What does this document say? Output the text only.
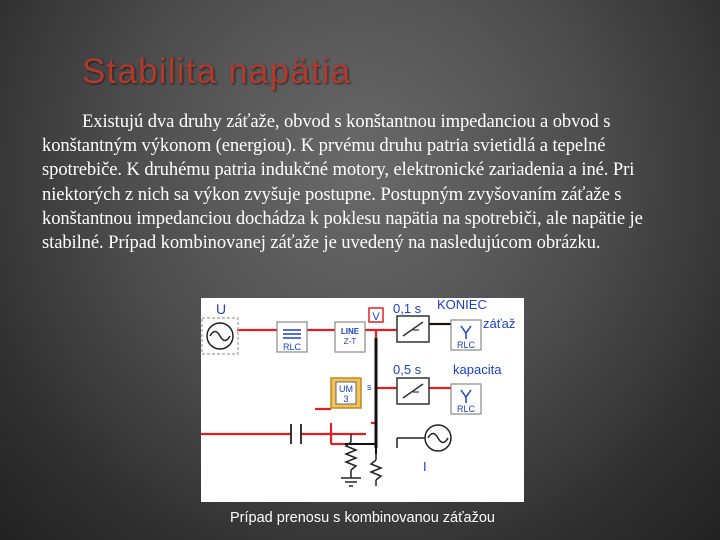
Stabilita napätia

Existujú dva druhy záťaže, obvod s konštantnou impedanciou a obvod s konštantným výkonom (energiou). K prvému druhu patria svietidlá a tepelné spotrebiče. K druhému patria indukčné motory, elektronické zariadenia a iné. Pri niektorých z nich sa výkon zvyšuje postupne. Postupným zvyšovaním záťaže s konštantnou impedanciou dochádza k poklesu napätia na spotrebiči, ale napätie je stabilné. Prípad kombinovanej záťaže je uvedený na nasledujúcom obrázku.

U
RLC
LINE
Z-T
V
0,1 s
0,5 s
RLC
KONIEC
záťaž
RLC
kapacita
UM
3
s
I
Prípad prenosu s kombinovanou záťažou
